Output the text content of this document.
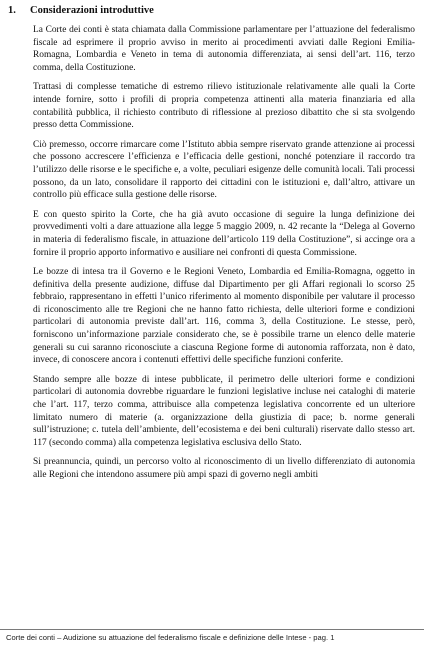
1. Considerazioni introduttive

La Corte dei conti è stata chiamata dalla Commissione parlamentare per l’attuazione del federalismo fiscale ad esprimere il proprio avviso in merito ai procedimenti avviati dalle Regioni Emilia-Romagna, Lombardia e Veneto in tema di autonomia differenziata, ai sensi dell’art. 116, terzo comma, della Costituzione.

Trattasi di complesse tematiche di estremo rilievo istituzionale relativamente alle quali la Corte intende fornire, sotto i profili di propria competenza attinenti alla materia finanziaria ed alla contabilità pubblica, il richiesto contributo di riflessione al prezioso dibattito che si sta svolgendo presso detta Commissione.

Ciò premesso, occorre rimarcare come l’Istituto abbia sempre riservato grande attenzione ai processi che possono accrescere l’efficienza e l’efficacia delle gestioni, nonché potenziare il raccordo tra l’utilizzo delle risorse e le specifiche e, a volte, peculiari esigenze delle comunità locali. Tali processi possono, da un lato, consolidare il rapporto dei cittadini con le istituzioni e, dall’altro, attivare un controllo più efficace sulla gestione delle risorse.

E con questo spirito la Corte, che ha già avuto occasione di seguire la lunga definizione dei provvedimenti volti a dare attuazione alla legge 5 maggio 2009, n. 42 recante la “Delega al Governo in materia di federalismo fiscale, in attuazione dell’articolo 119 della Costituzione”, si accinge ora a fornire il proprio apporto informativo e ausiliare nei confronti di questa Commissione.

Le bozze di intesa tra il Governo e le Regioni Veneto, Lombardia ed Emilia-Romagna, oggetto in definitiva della presente audizione, diffuse dal Dipartimento per gli Affari regionali lo scorso 25 febbraio, rappresentano in effetti l’unico riferimento al momento disponibile per valutare il processo di riconoscimento alle tre Regioni che ne hanno fatto richiesta, delle ulteriori forme e condizioni particolari di autonomia previste dall’art. 116, comma 3, della Costituzione. Le stesse, però, forniscono un’informazione parziale considerato che, se è possibile trarne un elenco delle materie generali su cui saranno riconosciute a ciascuna Regione forme di autonomia rafforzata, non è dato, invece, di conoscere ancora i contenuti effettivi delle specifiche funzioni conferite.

Stando sempre alle bozze di intese pubblicate, il perimetro delle ulteriori forme e condizioni particolari di autonomia dovrebbe riguardare le funzioni legislative incluse nei cataloghi di materie che l’art. 117, terzo comma, attribuisce alla competenza legislativa concorrente ed un ulteriore limitato numero di materie (a. organizzazione della giustizia di pace; b. norme generali sull’istruzione; c. tutela dell’ambiente, dell’ecosistema e dei beni culturali) riservate dallo stesso art. 117 (secondo comma) alla competenza legislativa esclusiva dello Stato.

Si preannuncia, quindi, un percorso volto al riconoscimento di un livello differenziato di autonomia alle Regioni che intendono assumere più ampi spazi di governo negli ambiti

Corte dei conti – Audizione su attuazione del federalismo fiscale e definizione delle Intese - pag. 1
